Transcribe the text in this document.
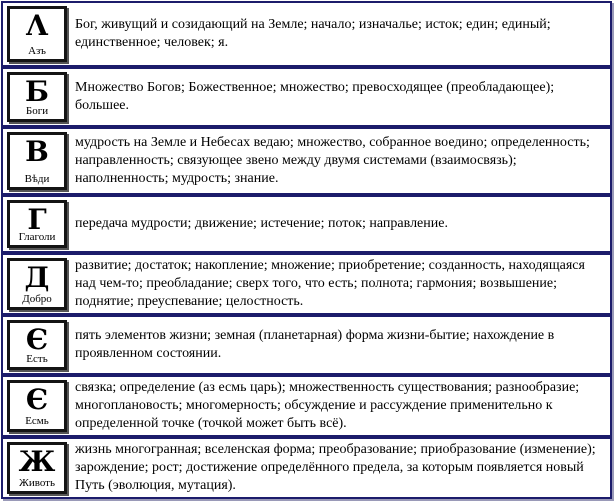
Λ
Азъ
Бог, живущий и созидающий на Земле; начало; изначалье; исток; един; единый; единственное; человек; я.
Б
Боги
Множество Богов; Божественное; множество; превосходящее (преобладающее); большее.
В
Вѣди
мудрость на Земле и Небесах ведаю; множество, собранное воедино; определенность; направленность; связующее звено между двумя системами (взаимосвязь); наполненность; мудрость; знание.
Г
Глаголи
передача мудрости; движение; истечение; поток; направление.
Д
Добро
развитие; достаток; накопление; множение; приобретение; созданность, находящаяся над чем-то; преобладание; сверх того, что есть; полнота; гармония; возвышение; поднятие; преуспевание; целостность.
Є
Есть
пять элементов жизни; земная (планетарная) форма жизни-бытие; нахождение в проявленном состоянии.
Є
Есмь
связка; определение (аз есмь царь); множественность существования; разнообразие; многоплановость; многомерность; обсуждение и рассуждение применительно к определенной точке (точкой может быть всё).
Ж
Животь
жизнь многогранная; вселенская форма; преобразование; приобразование (изменение); зарождение; рост; достижение определённого предела, за которым появляется новый Путь (эволюция, мутация).
